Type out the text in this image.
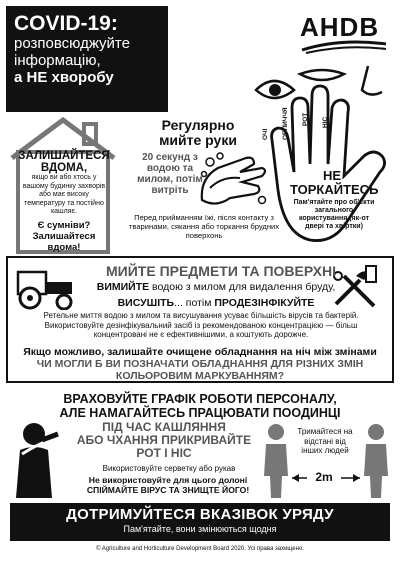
COVID-19:
розповсюджуйте
інформацію,
а НЕ хворобу
AHDB
ЗАЛИШАЙТЕСЯ
ВДОМА,
якщо ви або хтось у вашому будинку захворів або має високу температуру та постійно кашляє.
Є сумніви?
Залишайтеся вдома!
Регулярно
мийте руки
20 секунд з водою та милом, потім витріть
Перед прийманням їжі, після контакту з тваринами, сякання або торкання брудних поверхонь
ОЧІ ОБЛИЧЧЯ РОТ НІС
НЕ
ТОРКАЙТЕСЬ
Пам'ятайте про об'єкти загального користування (як-от двері та хвіртки)
МИЙТЕ ПРЕДМЕТИ ТА ПОВЕРХНІ
ВИМИЙТЕ водою з милом для видалення бруду,
ВИСУШІТЬ... потім ПРОДЕЗІНФІКУЙТЕ
Ретельне миття водою з милом та висушування усуває більшість вірусів та бактерій. Використовуйте дезінфікувальний засіб із рекомендованою концентрацією — більш концентровані не є ефективнішими, а коштують дорожче.
Якщо можливо, залишайте очищене обладнання на ніч між змінами
ЧИ МОГЛИ Б ВИ ПОЗНАЧАТИ ОБЛАДНАННЯ ДЛЯ РІЗНИХ ЗМІН КОЛЬОРОВИМ МАРКУВАННЯМ?
ВРАХОВУЙТЕ ГРАФІК РОБОТИ ПЕРСОНАЛУ,
АЛЕ НАМАГАЙТЕСЬ ПРАЦЮВАТИ ПООДИНЦІ
ПІД ЧАС КАШЛЯННЯ
АБО ЧХАННЯ ПРИКРИВАЙТЕ
РОТ І НІС
Використовуйте серветку або рукав
Не використовуйте для цього долоні
СПІЙМАЙТЕ ВІРУС ТА ЗНИЩТЕ ЙОГО!
Тримайтеся на відстані від інших людей
2m
ДОТРИМУЙТЕСЯ ВКАЗІВОК УРЯДУ
Пам'ятайте, вони змінюються щодня
© Agriculture and Horticulture Development Board 2020. Усі права захищено.
